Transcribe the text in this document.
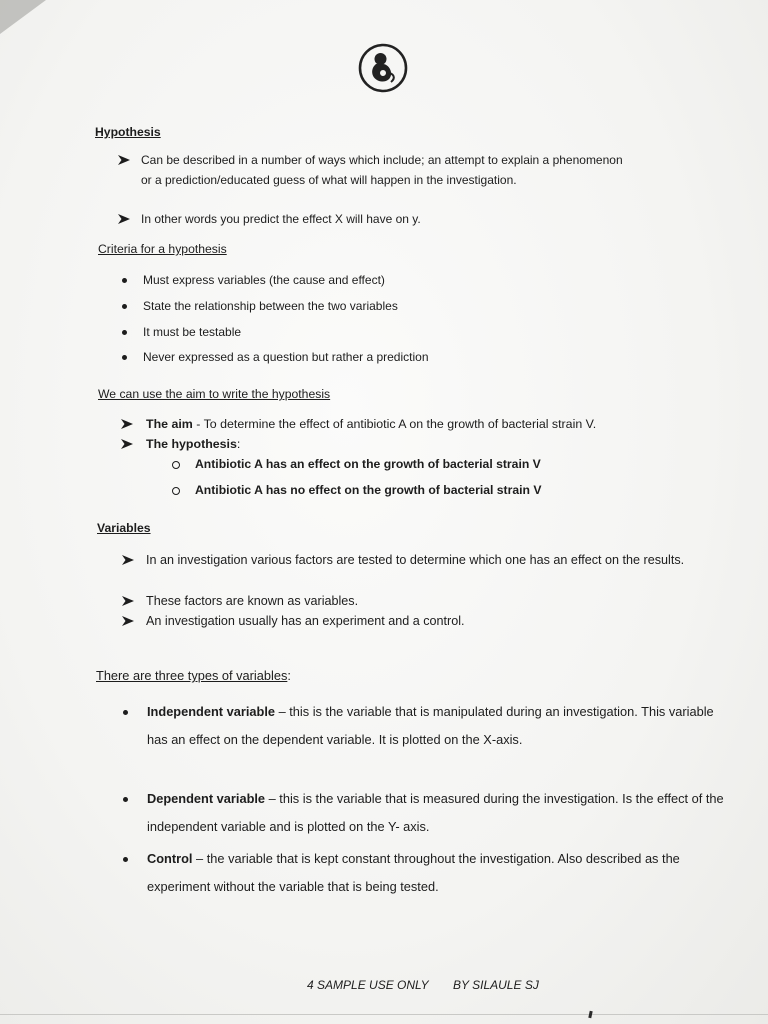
Hypothesis
Can be described in a number of ways which include; an attempt to explain a phenomenon or a prediction/educated guess of what will happen in the investigation.
In other words you predict the effect X will have on y.
Criteria for a hypothesis
Must express variables (the cause and effect)
State the relationship between the two variables
It must be testable
Never expressed as a question but rather a prediction
We can use the aim to write the hypothesis
The aim - To determine the effect of antibiotic A on the growth of bacterial strain V.
The hypothesis:
Antibiotic A has an effect on the growth of bacterial strain V
Antibiotic A has no effect on the growth of bacterial strain V
Variables
In an investigation various factors are tested to determine which one has an effect on the results.
These factors are known as variables.
An investigation usually has an experiment and a control.
There are three types of variables:
Independent variable – this is the variable that is manipulated during an investigation. This variable has an effect on the dependent variable. It is plotted on the X-axis.
Dependent variable – this is the variable that is measured during the investigation. Is the effect of the independent variable and is plotted on the Y- axis.
Control – the variable that is kept constant throughout the investigation. Also described as the experiment without the variable that is being tested.
4 SAMPLE USE ONLY BY SILAULE SJ
